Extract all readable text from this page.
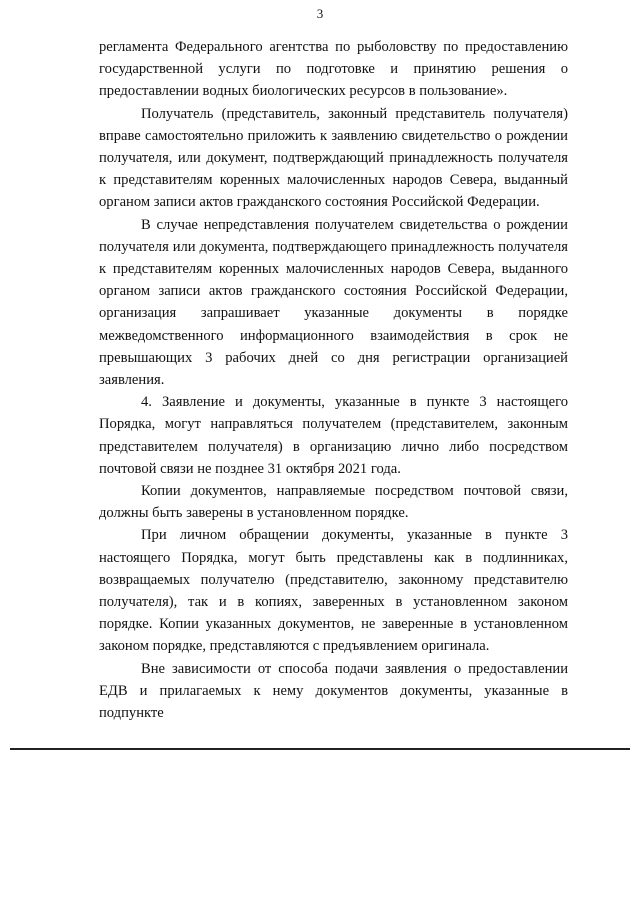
3

регламента Федерального агентства по рыболовству по предоставлению государственной услуги по подготовке и принятию решения о предоставлении водных биологических ресурсов в пользование».

Получатель (представитель, законный представитель получателя) вправе самостоятельно приложить к заявлению свидетельство о рождении получателя, или документ, подтверждающий принадлежность получателя к представителям коренных малочисленных народов Севера, выданный органом записи актов гражданского состояния Российской Федерации.

В случае непредставления получателем свидетельства о рождении получателя или документа, подтверждающего принадлежность получателя к представителям коренных малочисленных народов Севера, выданного органом записи актов гражданского состояния Российской Федерации, организация запрашивает указанные документы в порядке межведомственного информационного взаимодействия в срок не превышающих 3 рабочих дней со дня регистрации организацией заявления.

4. Заявление и документы, указанные в пункте 3 настоящего Порядка, могут направляться получателем (представителем, законным представителем получателя) в организацию лично либо посредством почтовой связи не позднее 31 октября 2021 года.

Копии документов, направляемые посредством почтовой связи, должны быть заверены в установленном порядке.

При личном обращении документы, указанные в пункте 3 настоящего Порядка, могут быть представлены как в подлинниках, возвращаемых получателю (представителю, законному представителю получателя), так и в копиях, заверенных в установленном законом порядке. Копии указанных документов, не заверенные в установленном законом порядке, представляются с предъявлением оригинала.

Вне зависимости от способа подачи заявления о предоставлении ЕДВ и прилагаемых к нему документов документы, указанные в подпункте
